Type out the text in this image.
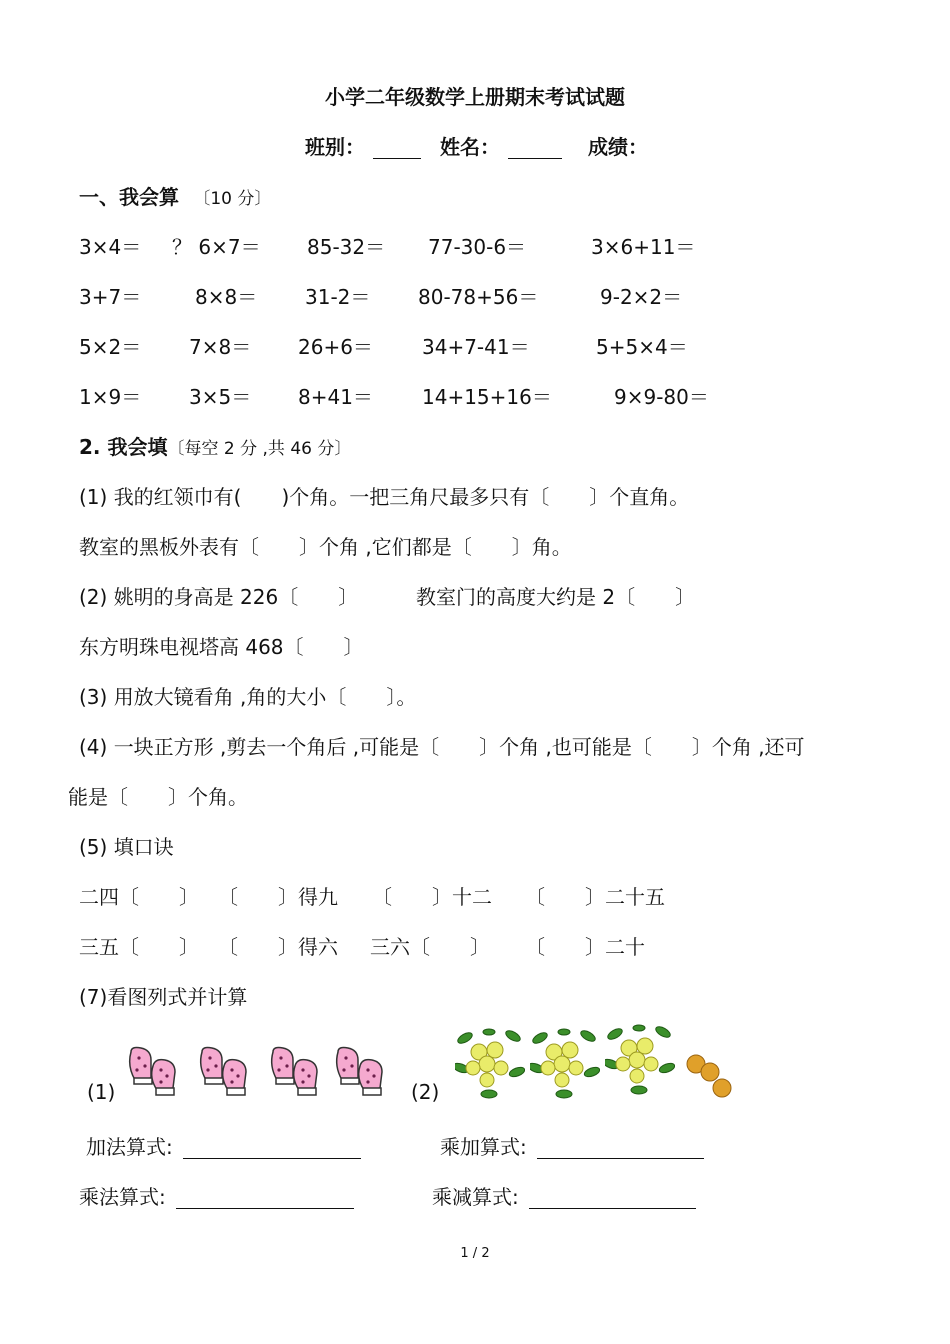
小学二年级数学上册期末考试试题
班别：	姓名：	成绩：
一、我会算 〔10 分〕
3×4＝ ？ 6×7＝ 85-32＝ 77-30-6＝	3×6+11＝
3+7＝	8×8＝ 31-2＝ 80-78+56＝	9-2×2＝
5×2＝ 7×8＝ 26+6＝ 34+7-41＝	5+5×4＝
1×9＝ 3×5＝ 8+41＝ 14+15+16＝	9×9-80＝
2. 我会填〔每空 2 分 ,共 46 分〕
(1) 我的红领巾有(　　)个角。一把三角尺最多只有〔　　〕个直角。
教室的黑板外表有〔　　〕个角 ,它们都是〔　　〕角。
(2) 姚明的身高是 226〔　　〕	教室门的高度大约是 2〔　　〕
东方明珠电视塔高 468〔　　〕
(3) 用放大镜看角 ,角的大小〔　　〕。
(4) 一块正方形 ,剪去一个角后 ,可能是〔　　〕个角 ,也可能是〔　　〕个角 ,还可
能是〔　　〕个角。
(5) 填口诀
二四〔　　〕 〔　　〕得九 〔　　〕十二 〔　　〕二十五
三五〔　　〕 〔　　〕得六 三六〔　　〕 〔　　〕二十
(7)看图列式并计算
(1)	(2)
加法算式:	乘加算式:
乘法算式:	乘减算式:
1 / 2
